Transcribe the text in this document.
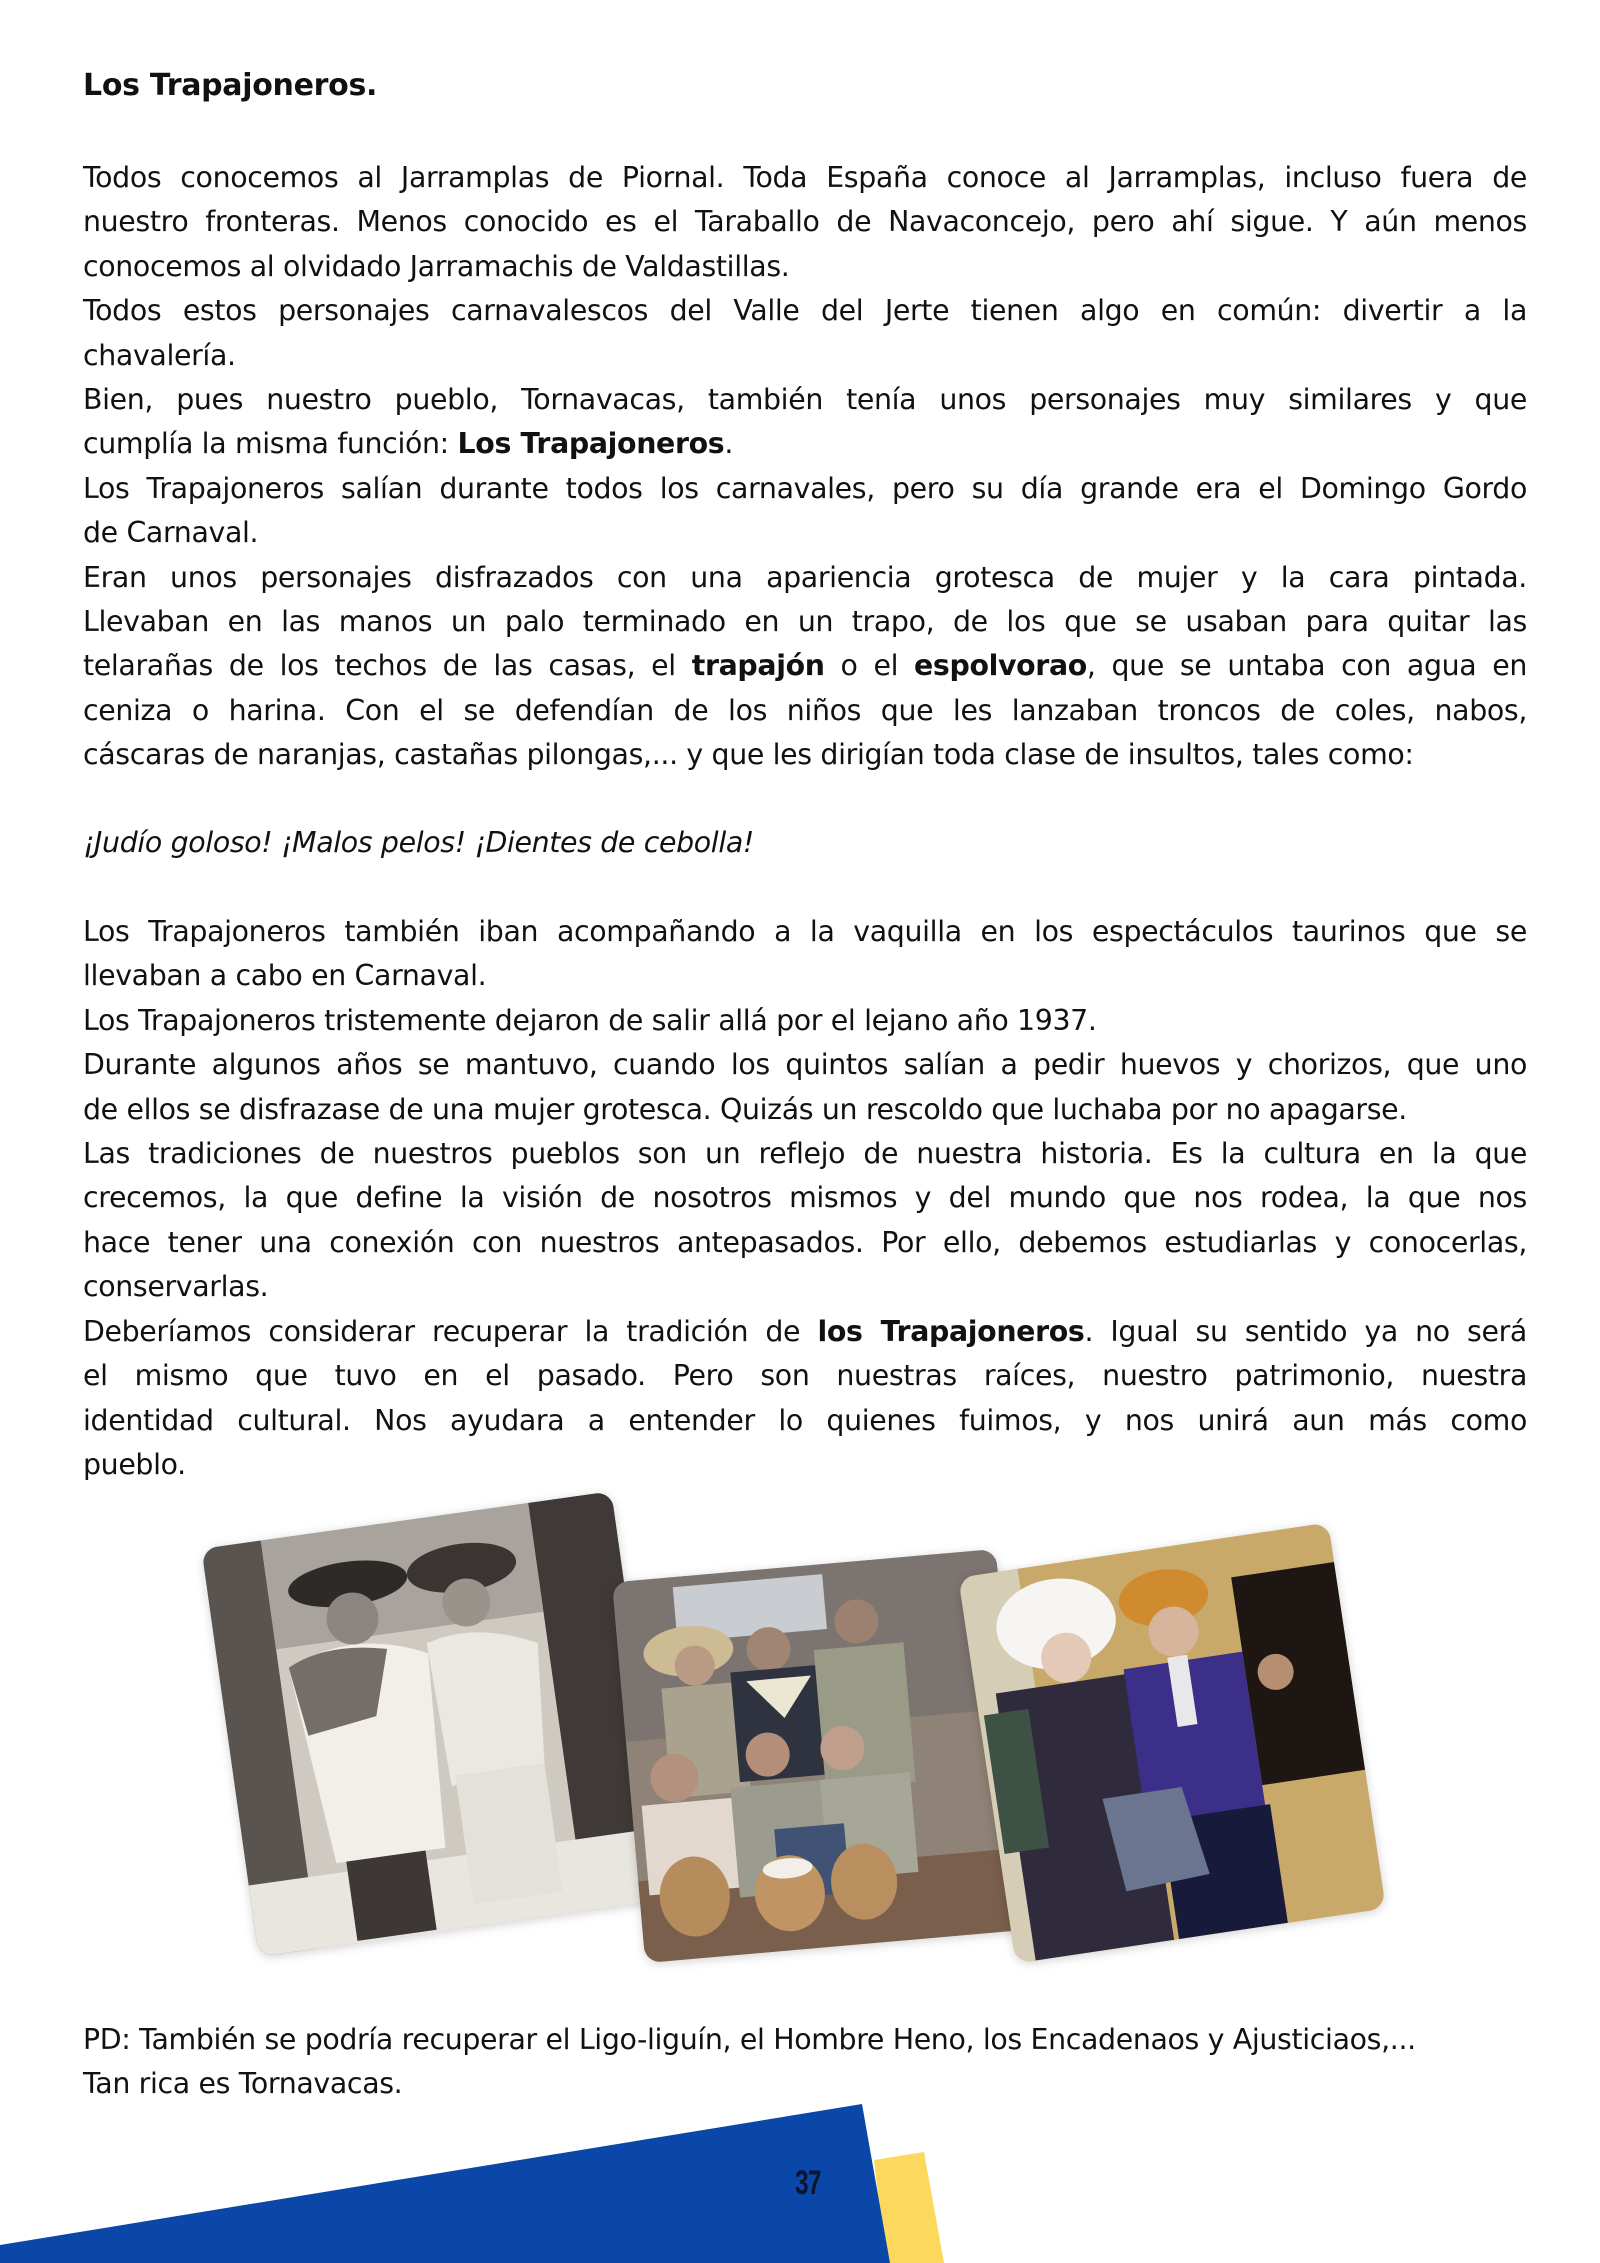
Los Trapajoneros.
Todos conocemos al Jarramplas de Piornal. Toda España conoce al Jarramplas, incluso fuera de
nuestro fronteras. Menos conocido es el Taraballo de Navaconcejo, pero ahí sigue. Y aún menos
conocemos al olvidado Jarramachis de Valdastillas.
Todos estos personajes carnavalescos del Valle del Jerte tienen algo en común: divertir a la
chavalería.
Bien, pues nuestro pueblo, Tornavacas, también tenía unos personajes muy similares y que
cumplía la misma función: Los Trapajoneros.
Los Trapajoneros salían durante todos los carnavales, pero su día grande era el Domingo Gordo
de Carnaval.
Eran unos personajes disfrazados con una apariencia grotesca de mujer y la cara pintada.
Llevaban en las manos un palo terminado en un trapo, de los que se usaban para quitar las
telarañas de los techos de las casas, el trapajón o el espolvorao, que se untaba con agua en
ceniza o harina. Con el se defendían de los niños que les lanzaban troncos de coles, nabos,
cáscaras de naranjas, castañas pilongas,... y que les dirigían toda clase de insultos, tales como:
¡Judío goloso! ¡Malos pelos! ¡Dientes de cebolla!
Los Trapajoneros también iban acompañando a la vaquilla en los espectáculos taurinos que se
llevaban a cabo en Carnaval.
Los Trapajoneros tristemente dejaron de salir allá por el lejano año 1937.
Durante algunos años se mantuvo, cuando los quintos salían a pedir huevos y chorizos, que uno
de ellos se disfrazase de una mujer grotesca. Quizás un rescoldo que luchaba por no apagarse.
Las tradiciones de nuestros pueblos son un reflejo de nuestra historia. Es la cultura en la que
crecemos, la que define la visión de nosotros mismos y del mundo que nos rodea, la que nos
hace tener una conexión con nuestros antepasados. Por ello, debemos estudiarlas y conocerlas,
conservarlas.
Deberíamos considerar recuperar la tradición de los Trapajoneros. Igual su sentido ya no será
el mismo que tuvo en el pasado. Pero son nuestras raíces, nuestro patrimonio, nuestra
identidad cultural. Nos ayudara a entender lo quienes fuimos, y nos unirá aun más como
pueblo.
PD: También se podría recuperar el Ligo-liguín, el Hombre Heno, los Encadenaos y Ajusticiaos,...
Tan rica es Tornavacas.
37
